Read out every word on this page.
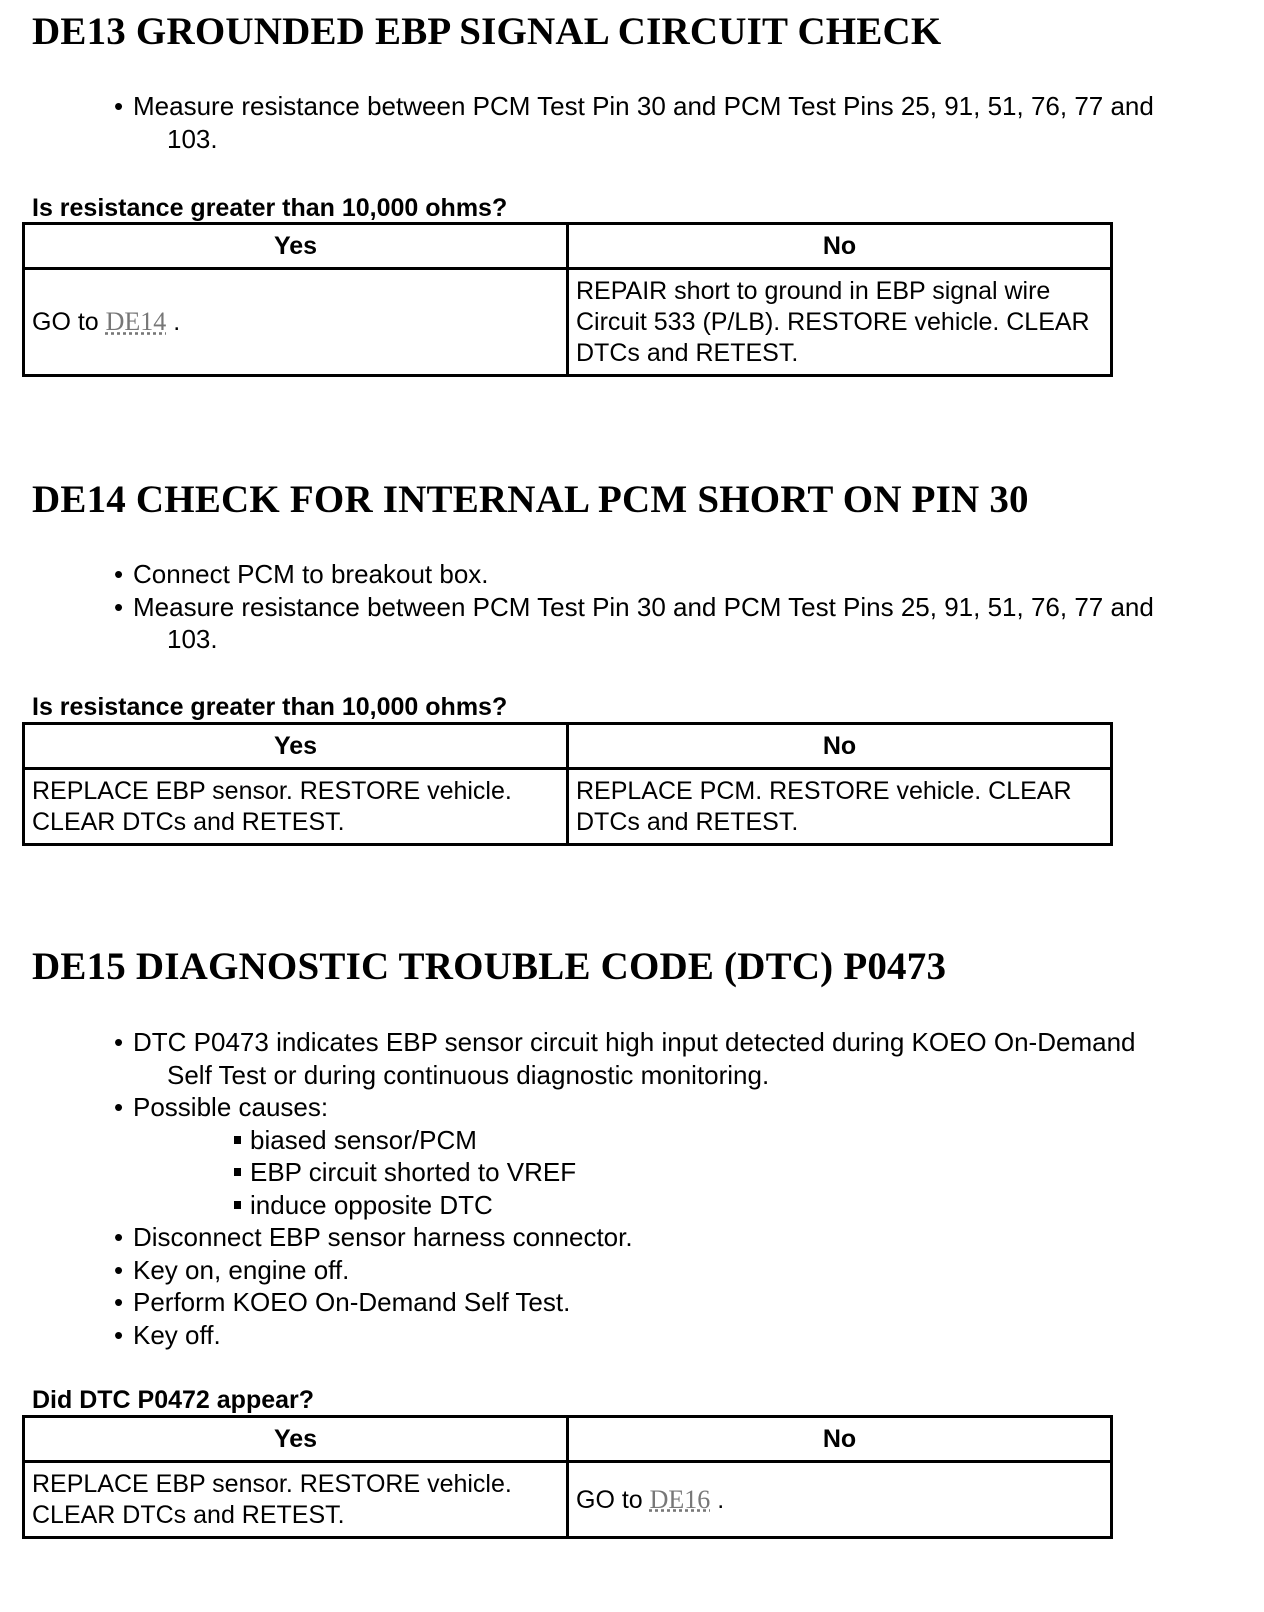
DE13 GROUNDED EBP SIGNAL CIRCUIT CHECK
• Measure resistance between PCM Test Pin 30 and PCM Test Pins 25, 91, 51, 76, 77 and
103.

Is resistance greater than 10,000 ohms?

Yes	No
GO to DE14 .	REPAIR short to ground in EBP signal wire Circuit 533 (P/LB). RESTORE vehicle. CLEAR DTCs and RETEST.
DE14 CHECK FOR INTERNAL PCM SHORT ON PIN 30
• Connect PCM to breakout box.
• Measure resistance between PCM Test Pin 30 and PCM Test Pins 25, 91, 51, 76, 77 and
103.

Is resistance greater than 10,000 ohms?

Yes	No
REPLACE EBP sensor. RESTORE vehicle. CLEAR DTCs and RETEST.	REPLACE PCM. RESTORE vehicle. CLEAR DTCs and RETEST.
DE15 DIAGNOSTIC TROUBLE CODE (DTC) P0473
• DTC P0473 indicates EBP sensor circuit high input detected during KOEO On-Demand
Self Test or during continuous diagnostic monitoring.
• Possible causes:
biased sensor/PCM
EBP circuit shorted to VREF
induce opposite DTC
• Disconnect EBP sensor harness connector.
• Key on, engine off.
• Perform KOEO On-Demand Self Test.
• Key off.

Did DTC P0472 appear?

Yes	No
REPLACE EBP sensor. RESTORE vehicle. CLEAR DTCs and RETEST.	GO to DE16 .
